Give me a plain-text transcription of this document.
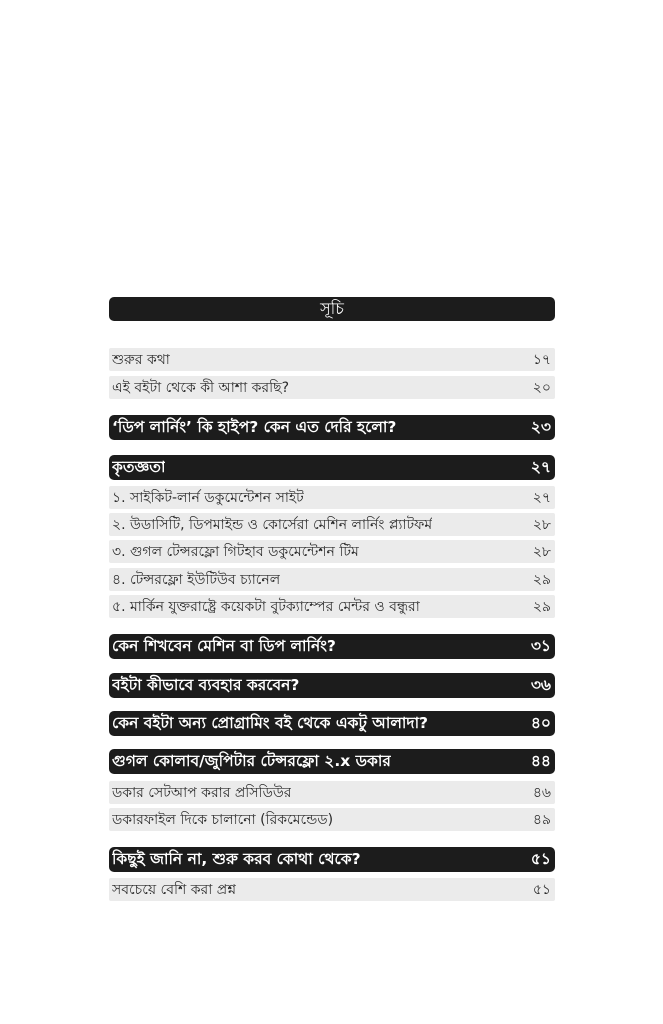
সূচি
শুরুর কথা	১৭
এই বইটা থেকে কী আশা করছি?	২০
‘ডিপ লার্নিং’ কি হাইপ? কেন এত দেরি হলো?	২৩
কৃতজ্ঞতা	২৭
১. সাইকিট-লার্ন ডকুমেন্টেশন সাইট	২৭
২. উডাসিটি, ডিপমাইন্ড ও কোর্সেরা মেশিন লার্নিং প্ল্যাটফর্ম	২৮
৩. গুগল টেন্সরফ্লো গিটহাব ডকুমেন্টেশন টিম	২৮
৪. টেন্সরফ্লো ইউটিউব চ্যানেল	২৯
৫. মার্কিন যুক্তরাষ্ট্রে কয়েকটা বুটক্যাম্পের মেন্টর ও বন্ধুরা	২৯
কেন শিখবেন মেশিন বা ডিপ লার্নিং?	৩১
বইটা কীভাবে ব্যবহার করবেন?	৩৬
কেন বইটা অন্য প্রোগ্রামিং বই থেকে একটু আলাদা?	৪০
গুগল কোলাব/জুপিটার টেন্সরফ্লো ২.x ডকার	৪৪
ডকার সেটআপ করার প্রসিডিউর	৪৬
ডকারফাইল দিকে চালানো (রিকমেন্ডেড)	৪৯
কিছুই জানি না, শুরু করব কোথা থেকে?	৫১
সবচেয়ে বেশি করা প্রশ্ন	৫১
